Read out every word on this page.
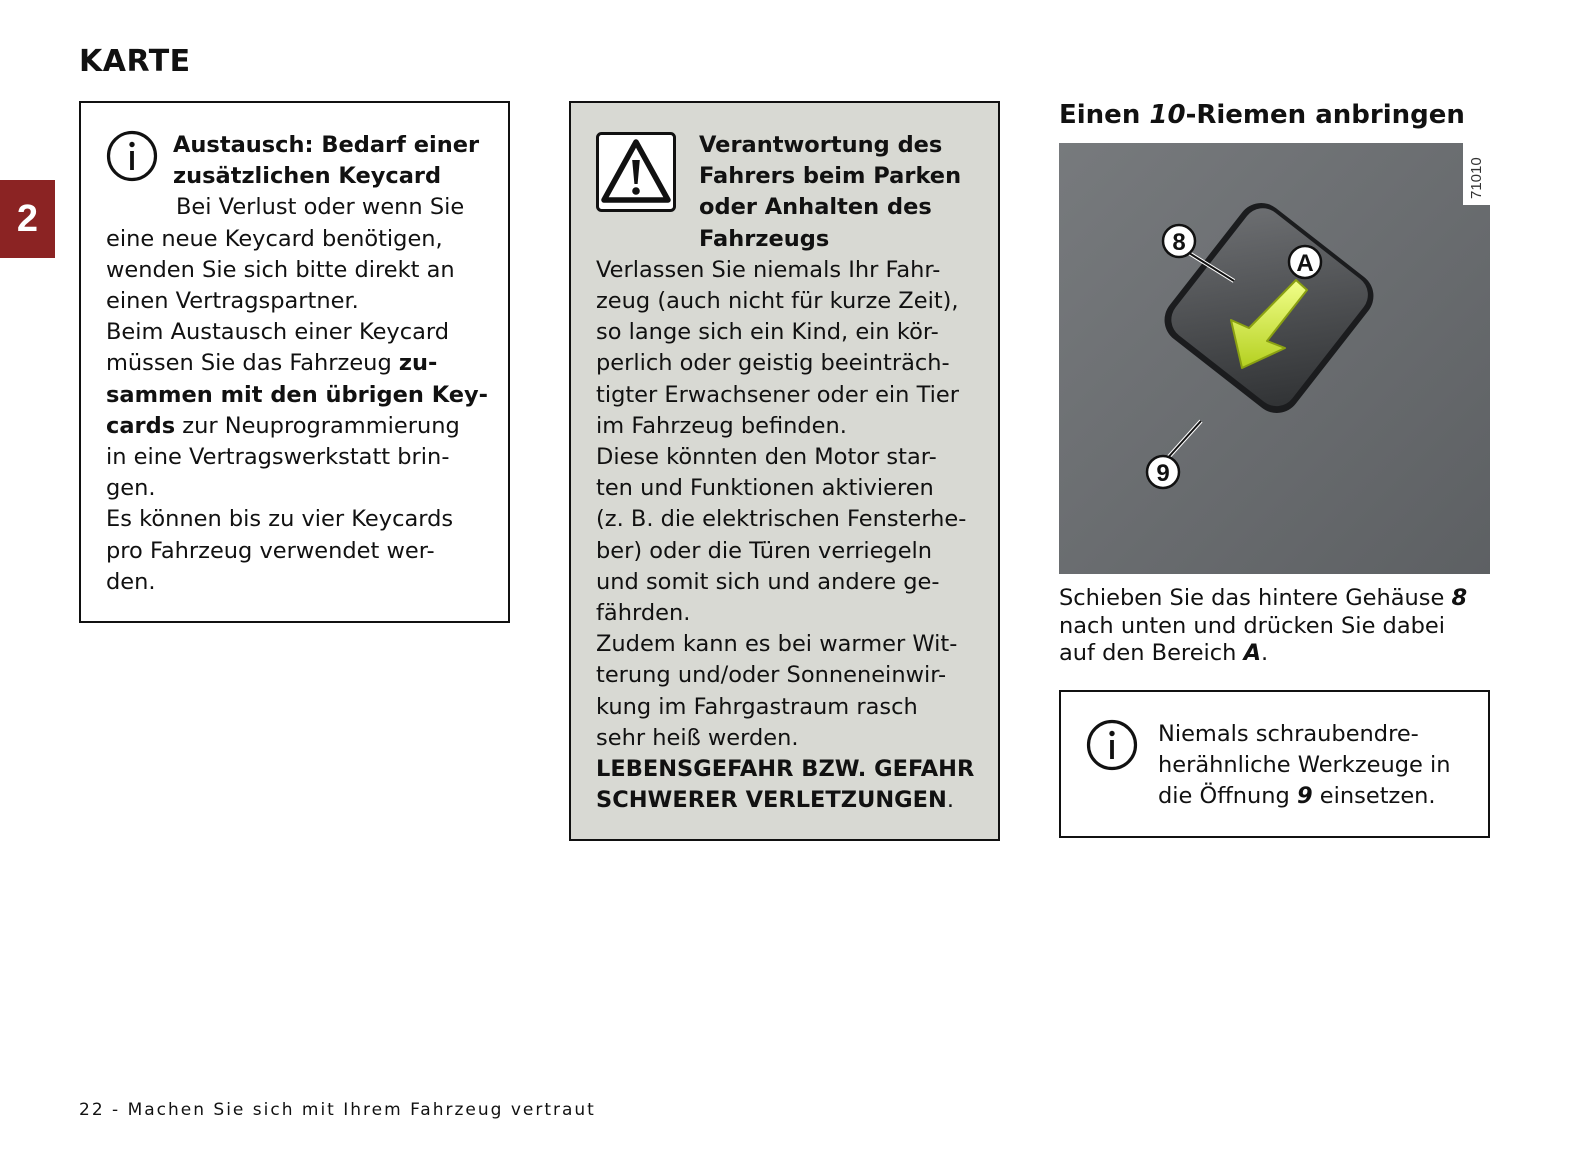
KARTE
2

Austausch: Bedarf einer

zusätzlichen Keycard

Bei Verlust oder wenn Sie

eine neue Keycard benötigen,

wenden Sie sich bitte direkt an

einen Vertragspartner.

Beim Austausch einer Keycard

müssen Sie das Fahrzeug zu-

sammen mit den übrigen Key-

cards zur Neuprogrammierung

in eine Vertragswerkstatt brin-

gen.

Es können bis zu vier Keycards

pro Fahrzeug verwendet wer-

den.

Verantwortung des

Fahrers beim Parken

oder Anhalten des

Fahrzeugs

Verlassen Sie niemals Ihr Fahr-

zeug (auch nicht für kurze Zeit),

so lange sich ein Kind, ein kör-

perlich oder geistig beeinträch-

tigter Erwachsener oder ein Tier

im Fahrzeug befinden.

Diese könnten den Motor star-

ten und Funktionen aktivieren

(z. B. die elektrischen Fensterhe-

ber) oder die Türen verriegeln

und somit sich und andere ge-

fährden.

Zudem kann es bei warmer Wit-

terung und/oder Sonneneinwir-

kung im Fahrgastraum rasch

sehr heiß werden.

LEBENSGEFAHR BZW. GEFAHR

SCHWERER VERLETZUNGEN.

Einen 10-Riemen anbringen
71010
8
A
9

Schieben Sie das hintere Gehäuse 8

nach unten und drücken Sie dabei

auf den Bereich A.

Niemals schraubendre-

herähnliche Werkzeuge in

die Öffnung 9 einsetzen.

22 - Machen Sie sich mit Ihrem Fahrzeug vertraut
